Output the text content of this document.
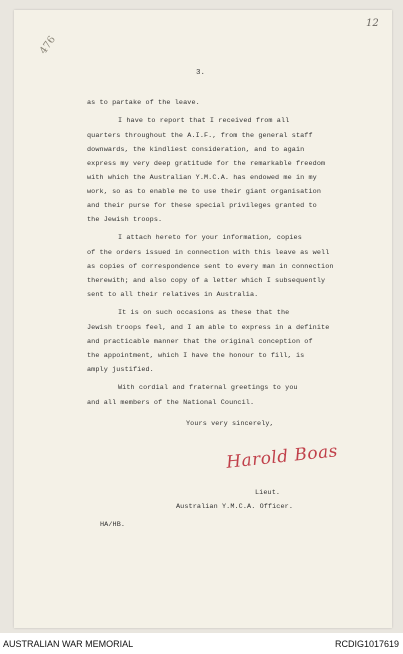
476
12
3.
as to partake of the leave.
I have to report that I received from all
quarters throughout the A.I.F., from the general staff
downwards, the kindliest consideration, and to again
express my very deep gratitude for the remarkable freedom
with which the Australian Y.M.C.A. has endowed me in my
work, so as to enable me to use their giant organisation
and their purse for these special privileges granted to
the Jewish troops.
I attach hereto for your information, copies
of the orders issued in connection with this leave as well
as copies of correspondence sent to every man in connection
therewith; and also copy of a letter which I subsequently
sent to all their relatives in Australia.
It is on such occasions as these that the
Jewish troops feel, and I am able to express in a definite
and practicable manner that the original conception of
the appointment, which I have the honour to fill, is
amply justified.
With cordial and fraternal greetings to you
and all members of the National Council.
Yours very sincerely,
Harold Boas
Lieut.
Australian Y.M.C.A. Officer.
HA/HB.
AUSTRALIAN WAR MEMORIAL	RCDIG1017619
